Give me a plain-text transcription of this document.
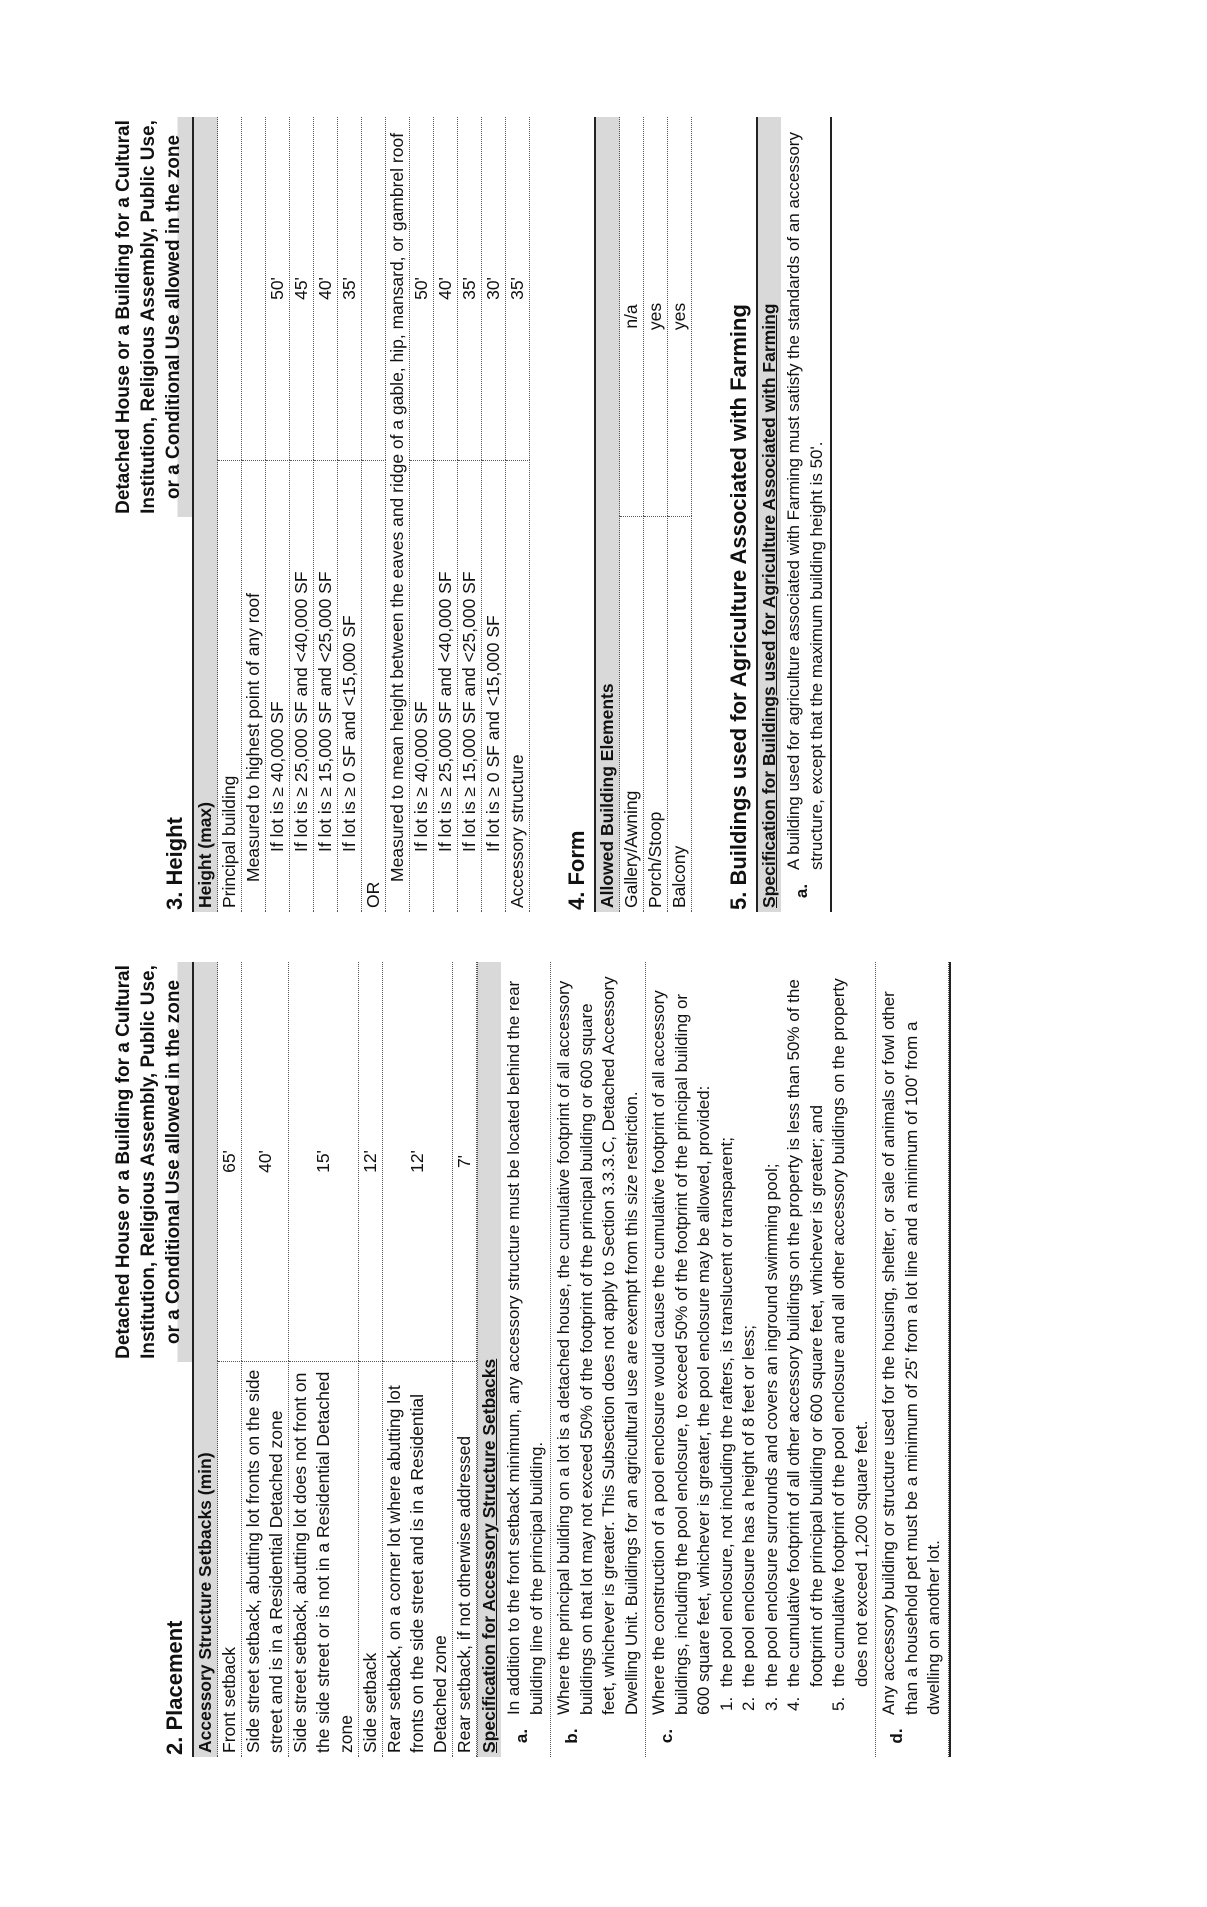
2. Placement
Detached House or a Building for a Cultural Institution, Religious Assembly, Public Use, or a Conditional Use allowed in the zone
Accessory Structure Setbacks (min)	
Front setback	65'
Side street setback, abutting lot fronts on the side street and is in a Residential Detached zone	40'
Side street setback, abutting lot does not front on the side street or is not in a Residential Detached zone	15'
Side setback	12'
Rear setback, on a corner lot where abutting lot fronts on the side street and is in a Residential Detached zone	12'
Rear setback, if not otherwise addressed	7'
Specification for Accessory Structure Setbacks a.
In addition to the front setback minimum, any accessory structure must be located behind the rear building line of the principal building.
b.
Where the principal building on a lot is a detached house, the cumulative footprint of all accessory buildings on that lot may not exceed 50% of the footprint of the principal building or 600 square feet, whichever is greater. This Subsection does not apply to Section 3.3.3.C, Detached Accessory Dwelling Unit. Buildings for an agricultural use are exempt from this size restriction.
c.
Where the construction of a pool enclosure would cause the cumulative footprint of all accessory buildings, including the pool enclosure, to exceed 50% of the footprint of the principal building or 600 square feet, whichever is greater, the pool enclosure may be allowed, provided: 1.
the pool enclosure, not including the rafters, is translucent or transparent;
2.
the pool enclosure has a height of 8 feet or less;
3.
the pool enclosure surrounds and covers an inground swimming pool;
4.
the cumulative footprint of all other accessory buildings on the property is less than 50% of the footprint of the principal building or 600 square feet, whichever is greater; and
5.
the cumulative footprint of the pool enclosure and all other accessory buildings on the property does not exceed 1,200 square feet.
d.
Any accessory building or structure used for the housing, shelter, or sale of animals or fowl other than a household pet must be a minimum of 25' from a lot line and a minimum of 100' from a dwelling on another lot.
3. Height
Detached House or a Building for a Cultural Institution, Religious Assembly, Public Use, or a Conditional Use allowed in the zone
Height (max)	
Principal building	
Measured to highest point of any roof	
If lot is ≥ 40,000 SF	50'
If lot is ≥ 25,000 SF and <40,000 SF	45'
If lot is ≥ 15,000 SF and <25,000 SF	40'
If lot is ≥ 0 SF and <15,000 SF	35'
OR	
Measured to mean height between the eaves and ridge of a gable, hip, mansard, or gambrel roof	
If lot is ≥ 40,000 SF	50'
If lot is ≥ 25,000 SF and <40,000 SF	40'
If lot is ≥ 15,000 SF and <25,000 SF	35'
If lot is ≥ 0 SF and <15,000 SF	30'
Accessory structure	35'
4. Form Allowed Building Elements	
Gallery/Awning	n/a
Porch/Stoop	yes
Balcony	yes 5. Buildings used for Agriculture Associated with Farming Specification for Buildings used for Agriculture Associated with Farming a.
A building used for agriculture associated with Farming must satisfy the standards of an accessory structure, except that the maximum building height is 50'.
